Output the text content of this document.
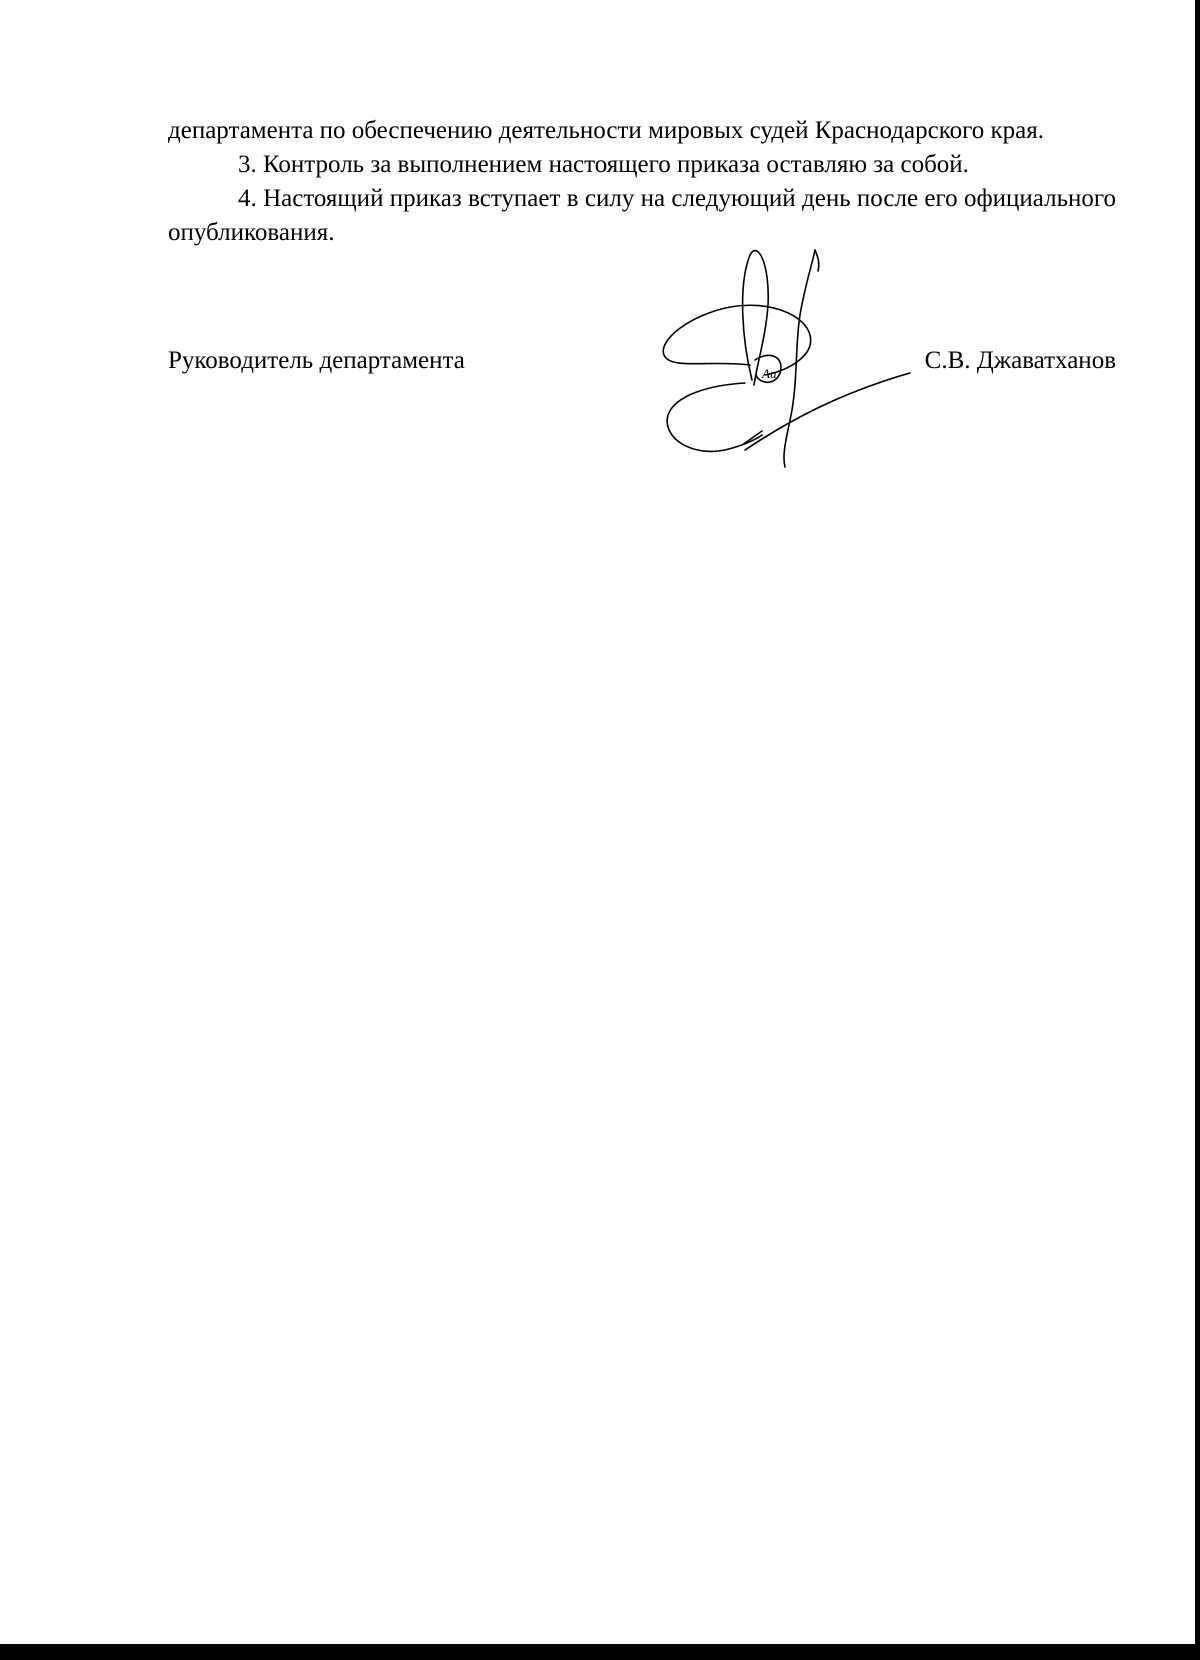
департамента по обеспечению деятельности мировых судей Краснодарского края.

3. Контроль за выполнением настоящего приказа оставляю за собой.

4. Настоящий приказ вступает в силу на следующий день после его официального опубликования.

Руководитель департамента	С.В. Джаватханов
Au
